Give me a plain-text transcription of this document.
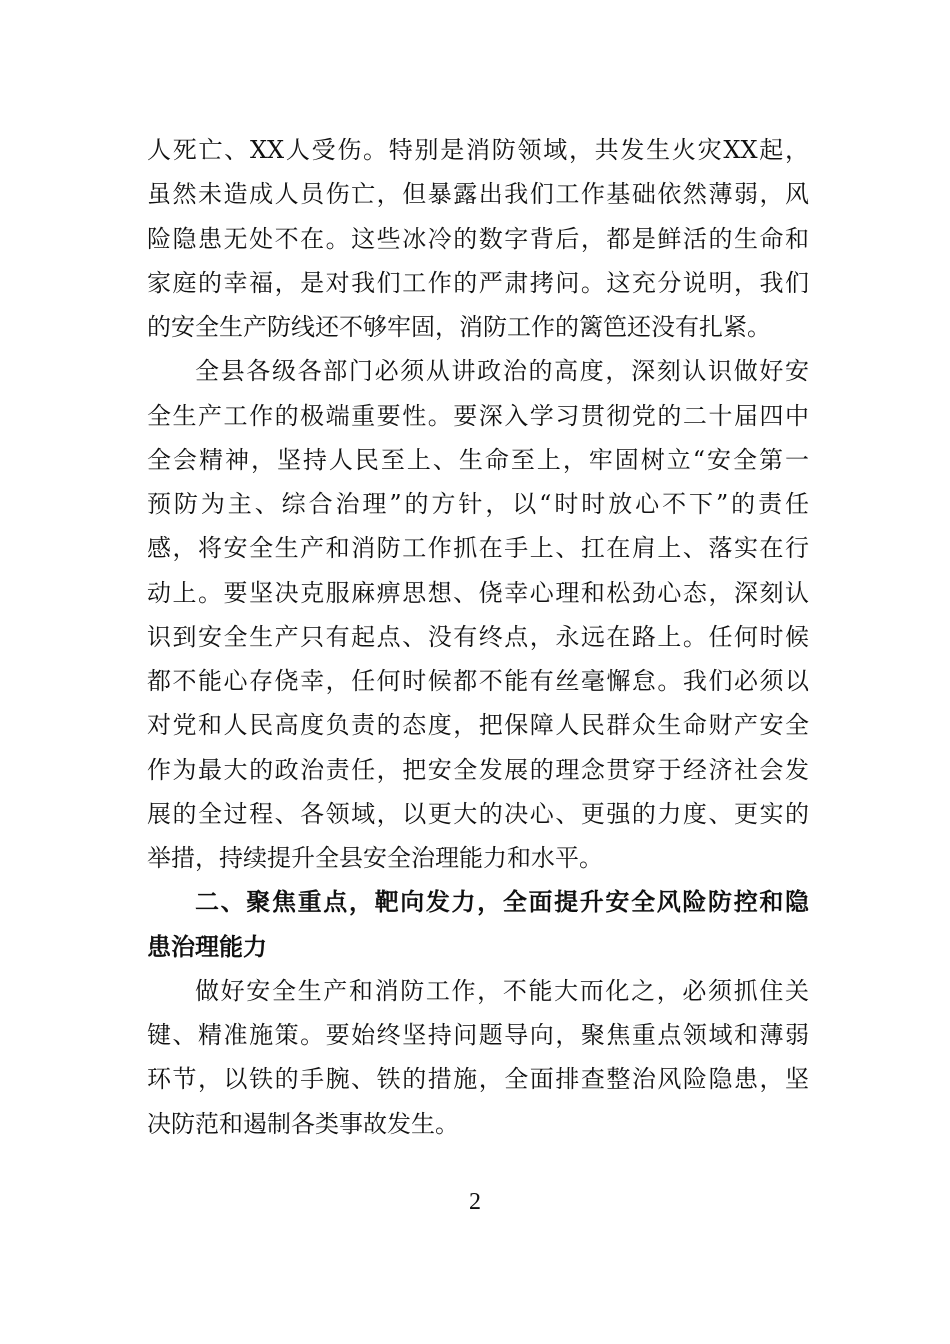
人死亡、XX人受伤。特别是消防领域，共发生火灾XX起，
虽然未造成人员伤亡，但暴露出我们工作基础依然薄弱，风
险隐患无处不在。这些冰冷的数字背后，都是鲜活的生命和
家庭的幸福，是对我们工作的严肃拷问。这充分说明，我们
的安全生产防线还不够牢固，消防工作的篱笆还没有扎紧。
全县各级各部门必须从讲政治的高度，深刻认识做好安
全生产工作的极端重要性。要深入学习贯彻党的二十届四中
全会精神，坚持人民至上、生命至上，牢固树立“安全第一
预防为主、综合治理”的方针，以“时时放心不下”的责任
感，将安全生产和消防工作抓在手上、扛在肩上、落实在行
动上。要坚决克服麻痹思想、侥幸心理和松劲心态，深刻认
识到安全生产只有起点、没有终点，永远在路上。任何时候
都不能心存侥幸，任何时候都不能有丝毫懈怠。我们必须以
对党和人民高度负责的态度，把保障人民群众生命财产安全
作为最大的政治责任，把安全发展的理念贯穿于经济社会发
展的全过程、各领域，以更大的决心、更强的力度、更实的
举措，持续提升全县安全治理能力和水平。
二、聚焦重点，靶向发力，全面提升安全风险防控和隐
患治理能力
做好安全生产和消防工作，不能大而化之，必须抓住关
键、精准施策。要始终坚持问题导向，聚焦重点领域和薄弱
环节，以铁的手腕、铁的措施，全面排查整治风险隐患，坚
决防范和遏制各类事故发生。
2
